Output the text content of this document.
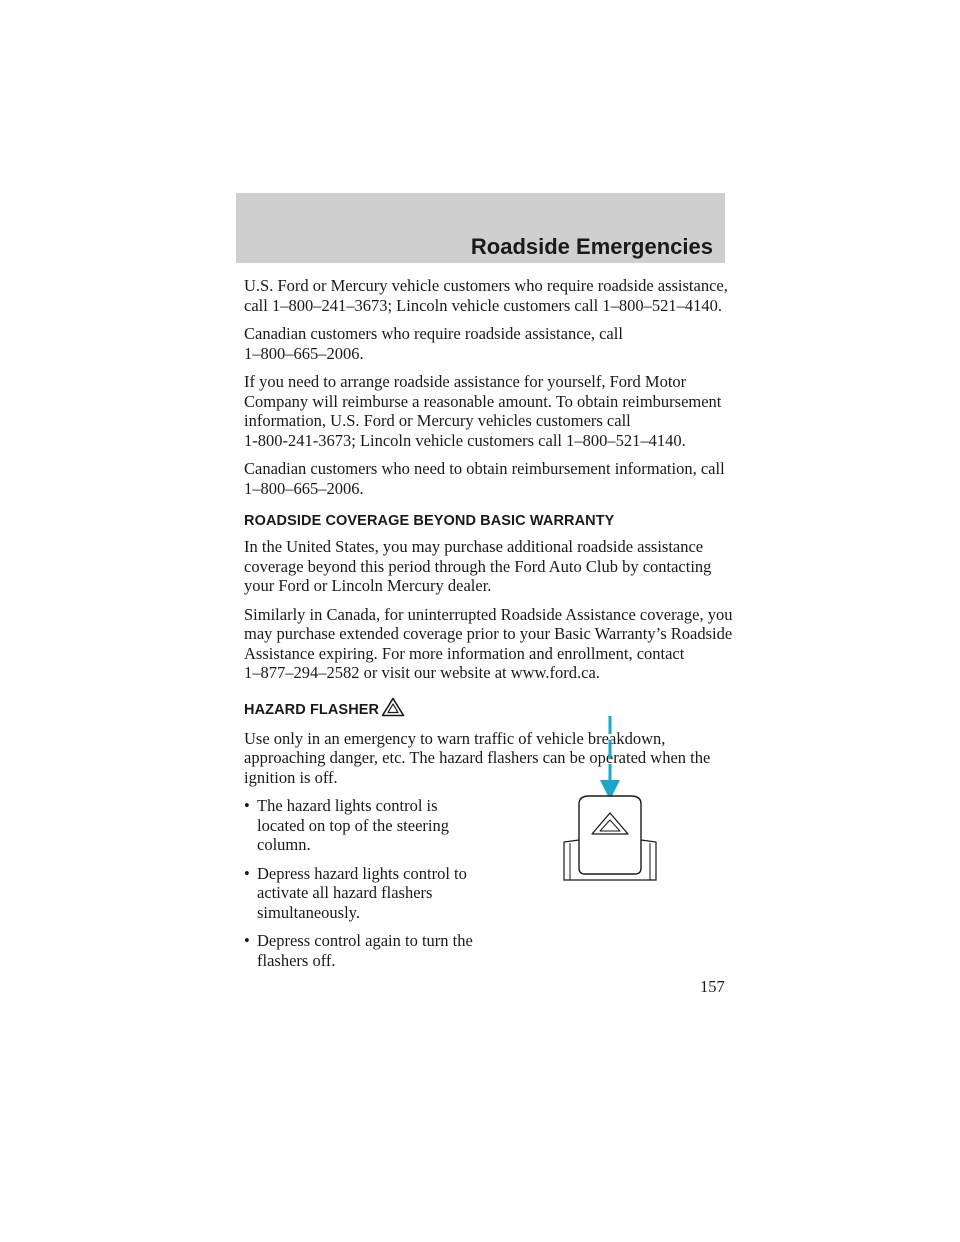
Roadside Emergencies

U.S. Ford or Mercury vehicle customers who require roadside assistance,
call 1–800–241–3673; Lincoln vehicle customers call 1–800–521–4140.

Canadian customers who require roadside assistance, call
1–800–665–2006.

If you need to arrange roadside assistance for yourself, Ford Motor
Company will reimburse a reasonable amount. To obtain reimbursement
information, U.S. Ford or Mercury vehicles customers call
1-800-241-3673; Lincoln vehicle customers call 1–800–521–4140.

Canadian customers who need to obtain reimbursement information, call
1–800–665–2006.

ROADSIDE COVERAGE BEYOND BASIC WARRANTY

In the United States, you may purchase additional roadside assistance
coverage beyond this period through the Ford Auto Club by contacting
your Ford or Lincoln Mercury dealer.

Similarly in Canada, for uninterrupted Roadside Assistance coverage, you
may purchase extended coverage prior to your Basic Warranty’s Roadside
Assistance expiring. For more information and enrollment, contact
1–877–294–2582 or visit our website at www.ford.ca.

HAZARD FLASHER

Use only in an emergency to warn traffic of vehicle breakdown,
approaching danger, etc. The hazard flashers can be operated when the
ignition is off.

• The hazard lights control is
located on top of the steering
column.
• Depress hazard lights control to
activate all hazard flashers
simultaneously.
• Depress control again to turn the
flashers off.
157
